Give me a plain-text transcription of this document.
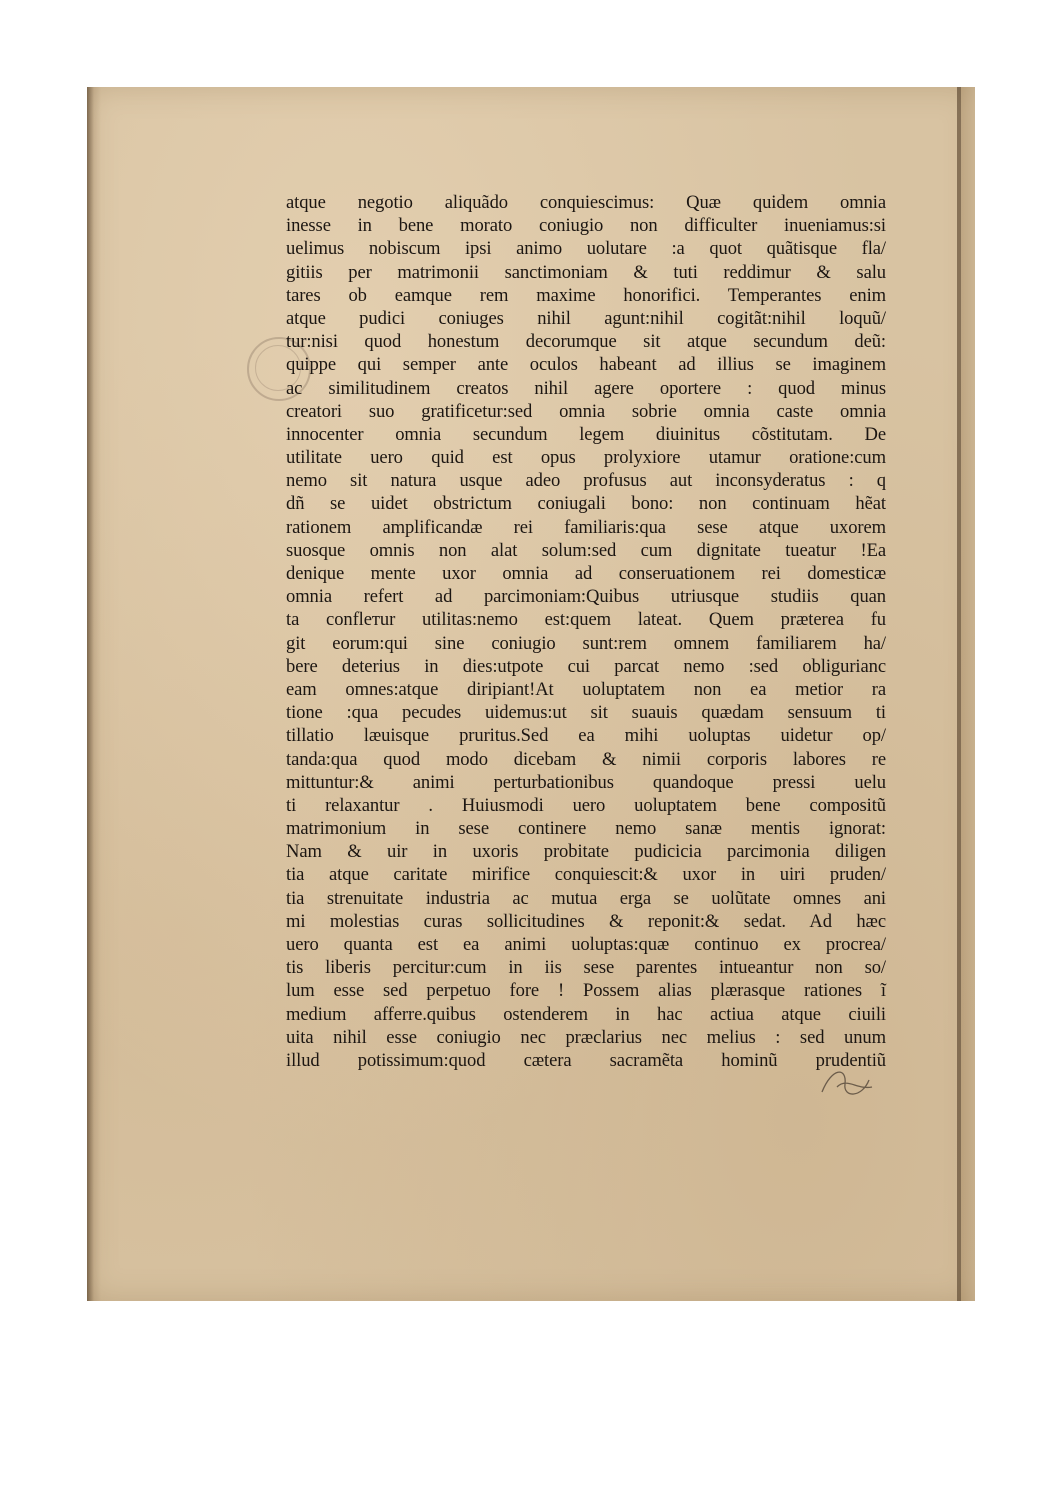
atque negotio aliquãdo conquiescimus: Quæ quidem omnia
inesse in bene morato coniugio non difficulter inueniamus:si
uelimus nobiscum ipsi animo uolutare :a quot quãtisque fla/
gitiis per matrimonii sanctimoniam & tuti reddimur & salu
tares ob eamque rem maxime honorifici. Temperantes enim
atque pudici coniuges nihil agunt:nihil cogitãt:nihil loquũ/
tur:nisi quod honestum decorumque sit atque secundum deũ:
quippe qui semper ante oculos habeant ad illius se imaginem
ac similitudinem creatos nihil agere oportere : quod minus
creatori suo gratificetur:sed omnia sobrie omnia caste omnia
innocenter omnia secundum legem diuinitus cõstitutam. De
utilitate uero quid est opus prolyxiore utamur oratione:cum
nemo sit natura usque adeo profusus aut inconsyderatus : q
dñ se uidet obstrictum coniugali bono: non continuam hẽat
rationem amplificandæ rei familiaris:qua sese atque uxorem
suosque omnis non alat solum:sed cum dignitate tueatur !Ea
denique mente uxor omnia ad conseruationem rei domesticæ
omnia refert ad parcimoniam:Quibus utriusque studiis quan
ta conflетur utilitas:nemo est:quem lateat. Quem præterea fu
git eorum:qui sine coniugio sunt:rem omnem familiarem ha/
bere deterius in dies:utpote cui parcat nemo :sed obligurianc
eam omnes:atque diripiant!At uoluptatem non ea metior ra
tione :qua pecudes uidemus:ut sit suauis quædam sensuum ti
tillatio læuisque pruritus.Sed ea mihi uoluptas uidetur op/
tanda:qua quod modo dicebam & nimii corporis labores re
mittuntur:& animi perturbationibus quandoque pressi uelu
ti relaxantur . Huiusmodi uero uoluptatem bene compositũ
matrimonium in sese continere nemo sanæ mentis ignorat:
Nam & uir in uxoris probitate pudicicia parcimonia diligen
tia atque caritate mirifice conquiescit:& uxor in uiri pruden/
tia strenuitate industria ac mutua erga se uolũtate omnes ani
mi molestias curas sollicitudines & reponit:& sedat. Ad hæc
uero quanta est ea animi uoluptas:quæ continuo ex procrea/
tis liberis percitur:cum in iis sese parentes intueantur non so/
lum esse sed perpetuo fore ! Possem alias plærasque rationes ĩ
medium afferre.quibus ostenderem in hac actiua atque ciuili
uita nihil esse coniugio nec præclarius nec melius : sed unum
illud potissimum:quod cætera sacramẽta hominũ prudentiũ
